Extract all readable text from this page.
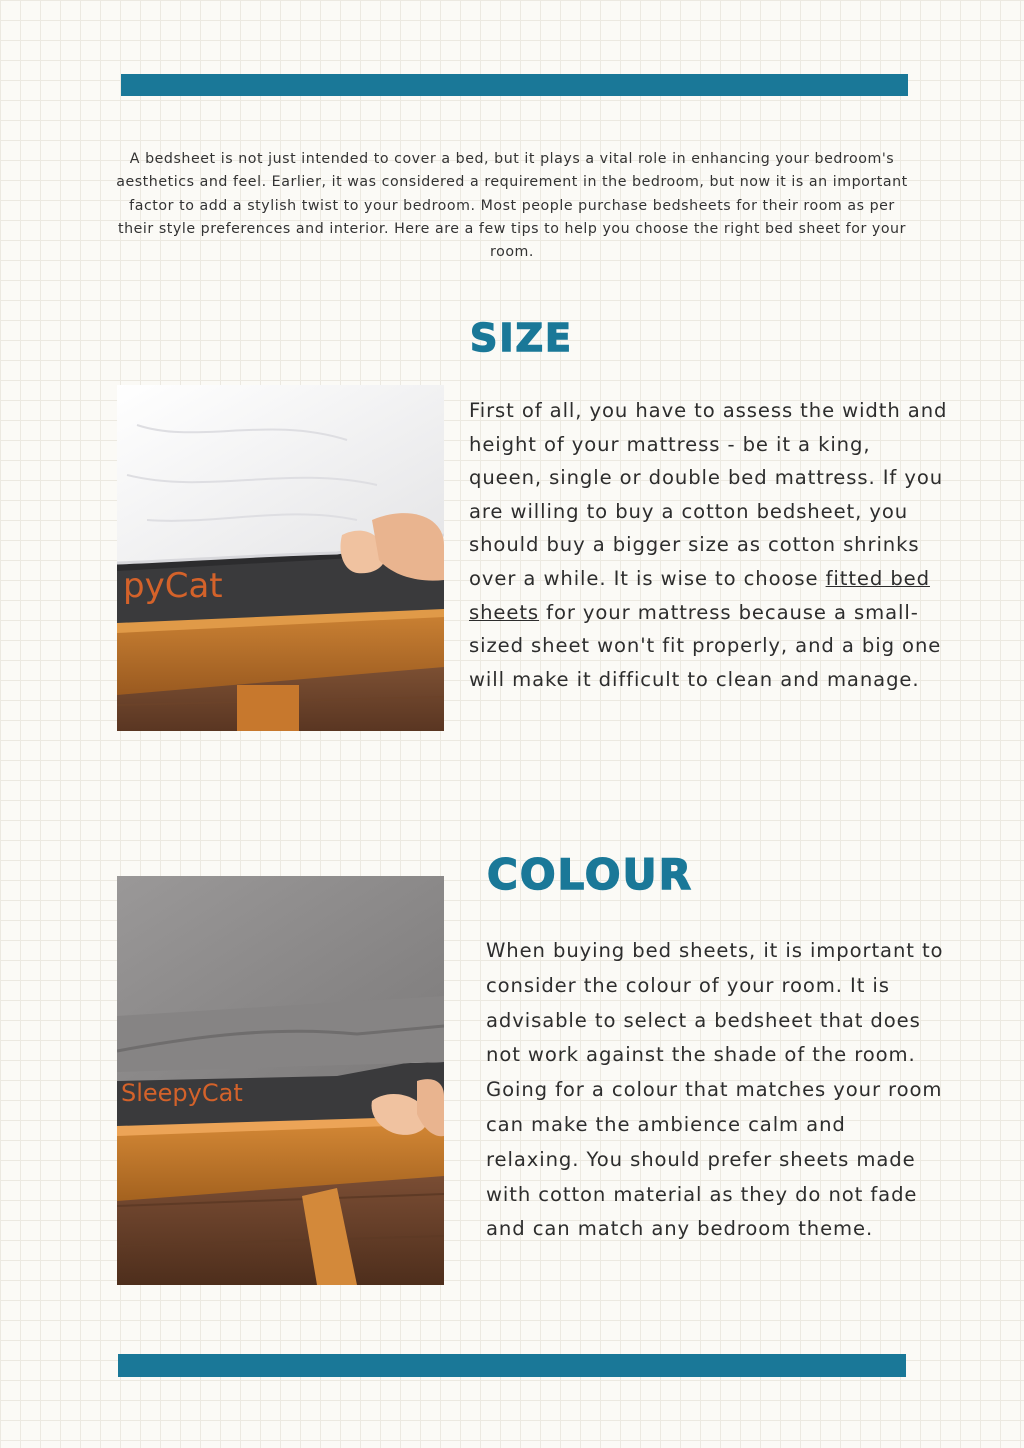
A bedsheet is not just intended to cover a bed, but it plays a vital role in enhancing your bedroom's aesthetics and feel. Earlier, it was considered a requirement in the bedroom, but now it is an important factor to add a stylish twist to your bedroom. Most people purchase bedsheets for their room as per their style preferences and interior. Here are a few tips to help you choose the right bed sheet for your room.

SIZE
pyCat

First of all, you have to assess the width and height of your mattress - be it a king, queen, single or double bed mattress. If you are willing to buy a cotton bedsheet, you should buy a bigger size as cotton shrinks over a while. It is wise to choose fitted bed sheets for your mattress because a small-sized sheet won't fit properly, and a big one will make it difficult to clean and manage.

SleepyCat
COLOUR

When buying bed sheets, it is important to consider the colour of your room. It is advisable to select a bedsheet that does not work against the shade of the room. Going for a colour that matches your room can make the ambience calm and relaxing. You should prefer sheets made with cotton material as they do not fade and can match any bedroom theme.
